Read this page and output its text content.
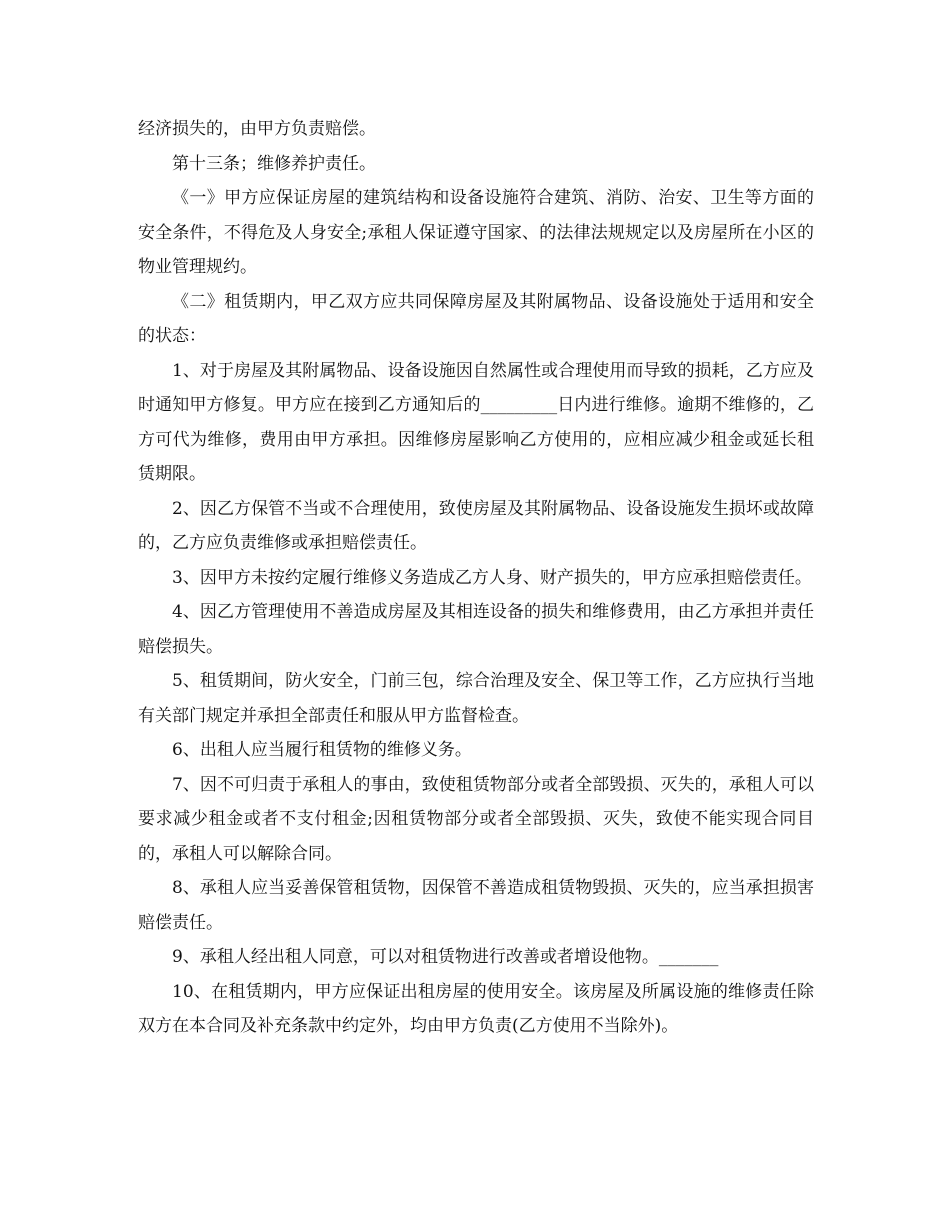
经济损失的，由甲方负责赔偿。

第十三条；维修养护责任。

《一》甲方应保证房屋的建筑结构和设备设施符合建筑、消防、治安、卫生等方面的安全条件，不得危及人身安全;承租人保证遵守国家、的法律法规规定以及房屋所在小区的物业管理规约。

《二》租赁期内，甲乙双方应共同保障房屋及其附属物品、设备设施处于适用和安全的状态：

1、对于房屋及其附属物品、设备设施因自然属性或合理使用而导致的损耗，乙方应及时通知甲方修复。甲方应在接到乙方通知后的_________日内进行维修。逾期不维修的，乙方可代为维修，费用由甲方承担。因维修房屋影响乙方使用的，应相应减少租金或延长租赁期限。

2、因乙方保管不当或不合理使用，致使房屋及其附属物品、设备设施发生损坏或故障的，乙方应负责维修或承担赔偿责任。

3、因甲方未按约定履行维修义务造成乙方人身、财产损失的，甲方应承担赔偿责任。

4、因乙方管理使用不善造成房屋及其相连设备的损失和维修费用，由乙方承担并责任赔偿损失。

5、租赁期间，防火安全，门前三包，综合治理及安全、保卫等工作，乙方应执行当地有关部门规定并承担全部责任和服从甲方监督检查。

6、出租人应当履行租赁物的维修义务。

7、因不可归责于承租人的事由，致使租赁物部分或者全部毁损、灭失的，承租人可以要求减少租金或者不支付租金;因租赁物部分或者全部毁损、灭失，致使不能实现合同目的，承租人可以解除合同。

8、承租人应当妥善保管租赁物，因保管不善造成租赁物毁损、灭失的，应当承担损害赔偿责任。

9、承租人经出租人同意，可以对租赁物进行改善或者增设他物。_______

10、在租赁期内，甲方应保证出租房屋的使用安全。该房屋及所属设施的维修责任除双方在本合同及补充条款中约定外，均由甲方负责(乙方使用不当除外)。
